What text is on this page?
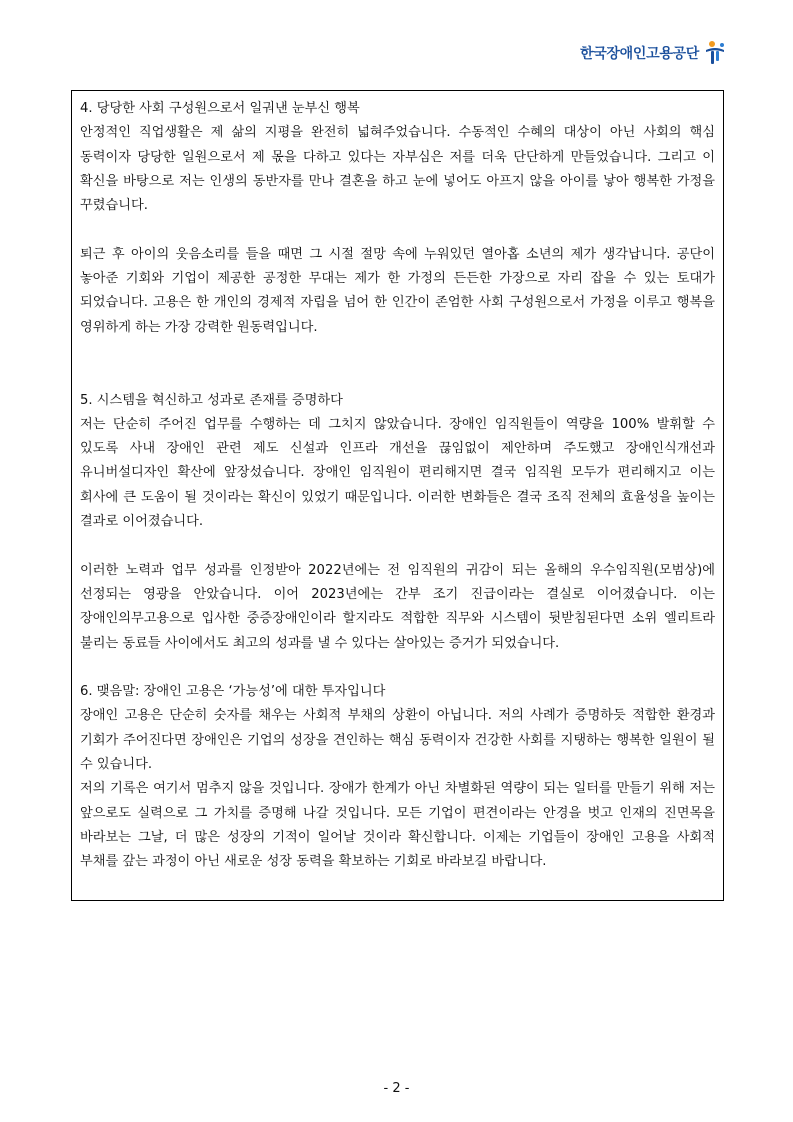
한국장애인고용공단

4. 당당한 사회 구성원으로서 일궈낸 눈부신 행복

안정적인 직업생활은 제 삶의 지평을 완전히 넓혀주었습니다. 수동적인 수혜의 대상이 아닌 사회의 핵심 동력이자 당당한 일원으로서 제 몫을 다하고 있다는 자부심은 저를 더욱 단단하게 만들었습니다. 그리고 이 확신을 바탕으로 저는 인생의 동반자를 만나 결혼을 하고 눈에 넣어도 아프지 않을 아이를 낳아 행복한 가정을 꾸렸습니다.

퇴근 후 아이의 웃음소리를 들을 때면 그 시절 절망 속에 누워있던 열아홉 소년의 제가 생각납니다. 공단이 놓아준 기회와 기업이 제공한 공정한 무대는 제가 한 가정의 든든한 가장으로 자리 잡을 수 있는 토대가 되었습니다. 고용은 한 개인의 경제적 자립을 넘어 한 인간이 존엄한 사회 구성원으로서 가정을 이루고 행복을 영위하게 하는 가장 강력한 원동력입니다.

5. 시스템을 혁신하고 성과로 존재를 증명하다

저는 단순히 주어진 업무를 수행하는 데 그치지 않았습니다. 장애인 임직원들이 역량을 100% 발휘할 수 있도록 사내 장애인 관련 제도 신설과 인프라 개선을 끊임없이 제안하며 주도했고 장애인식개선과 유니버설디자인 확산에 앞장섰습니다. 장애인 임직원이 편리해지면 결국 임직원 모두가 편리해지고 이는 회사에 큰 도움이 될 것이라는 확신이 있었기 때문입니다. 이러한 변화들은 결국 조직 전체의 효율성을 높이는 결과로 이어졌습니다.

이러한 노력과 업무 성과를 인정받아 2022년에는 전 임직원의 귀감이 되는 올해의 우수임직원(모범상)에 선정되는 영광을 안았습니다. 이어 2023년에는 간부 조기 진급이라는 결실로 이어졌습니다. 이는 장애인의무고용으로 입사한 중증장애인이라 할지라도 적합한 직무와 시스템이 뒷받침된다면 소위 엘리트라 불리는 동료들 사이에서도 최고의 성과를 낼 수 있다는 살아있는 증거가 되었습니다.

6. 맺음말: 장애인 고용은 ‘가능성’에 대한 투자입니다

장애인 고용은 단순히 숫자를 채우는 사회적 부채의 상환이 아닙니다. 저의 사례가 증명하듯 적합한 환경과 기회가 주어진다면 장애인은 기업의 성장을 견인하는 핵심 동력이자 건강한 사회를 지탱하는 행복한 일원이 될 수 있습니다.

저의 기록은 여기서 멈추지 않을 것입니다. 장애가 한계가 아닌 차별화된 역량이 되는 일터를 만들기 위해 저는 앞으로도 실력으로 그 가치를 증명해 나갈 것입니다. 모든 기업이 편견이라는 안경을 벗고 인재의 진면목을 바라보는 그날, 더 많은 성장의 기적이 일어날 것이라 확신합니다. 이제는 기업들이 장애인 고용을 사회적 부채를 갚는 과정이 아닌 새로운 성장 동력을 확보하는 기회로 바라보길 바랍니다.

- 2 -
